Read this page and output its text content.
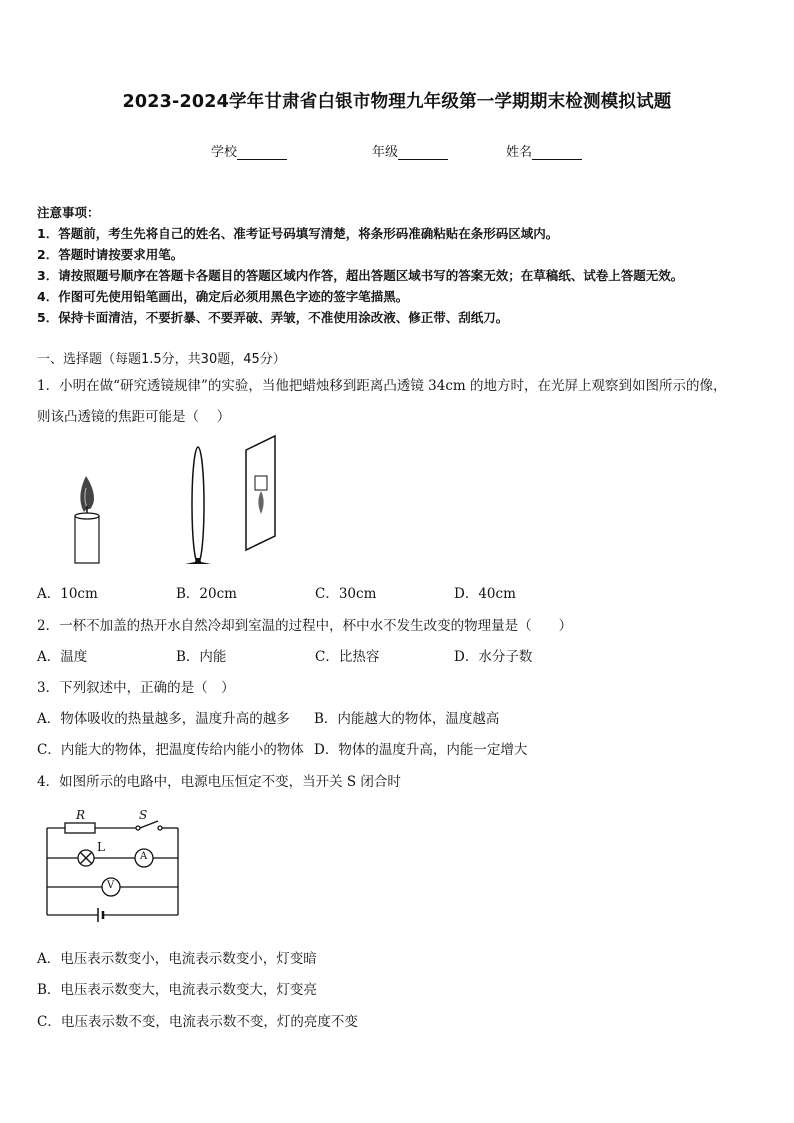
2023-2024学年甘肃省白银市物理九年级第一学期期末检测模拟试题
学校	年级	姓名
注意事项：
1．答题前，考生先将自己的姓名、准考证号码填写清楚，将条形码准确粘贴在条形码区域内。
2．答题时请按要求用笔。
3．请按照题号顺序在答题卡各题目的答题区域内作答，超出答题区域书写的答案无效；在草稿纸、试卷上答题无效。
4．作图可先使用铅笔画出，确定后必须用黑色字迹的签字笔描黑。
5．保持卡面清洁，不要折暴、不要弄破、弄皱，不准使用涂改液、修正带、刮纸刀。
一、选择题（每题1.5分，共30题，45分）
1．小明在做“研究透镜规律”的实验，当他把蜡烛移到距离凸透镜 34cm 的地方时，在光屏上观察到如图所示的像，
则该凸透镜的焦距可能是（　 ）
A．10cm	B．20cm	C．30cm	D．40cm
2．一杯不加盖的热开水自然冷却到室温的过程中，杯中水不发生改变的物理量是（　　）
A．温度	B．内能	C．比热容	D．水分子数
3．下列叙述中，正确的是（　）
A．物体吸收的热量越多，温度升高的越多 B．内能越大的物体，温度越高
C．内能大的物体，把温度传给内能小的物体 D．物体的温度升高，内能一定增大
4．如图所示的电路中，电源电压恒定不变，当开关 S 闭合时
R	S
L
A
V
A．电压表示数变小，电流表示数变小，灯变暗
B．电压表示数变大，电流表示数变大，灯变亮
C．电压表示数不变，电流表示数不变，灯的亮度不变
